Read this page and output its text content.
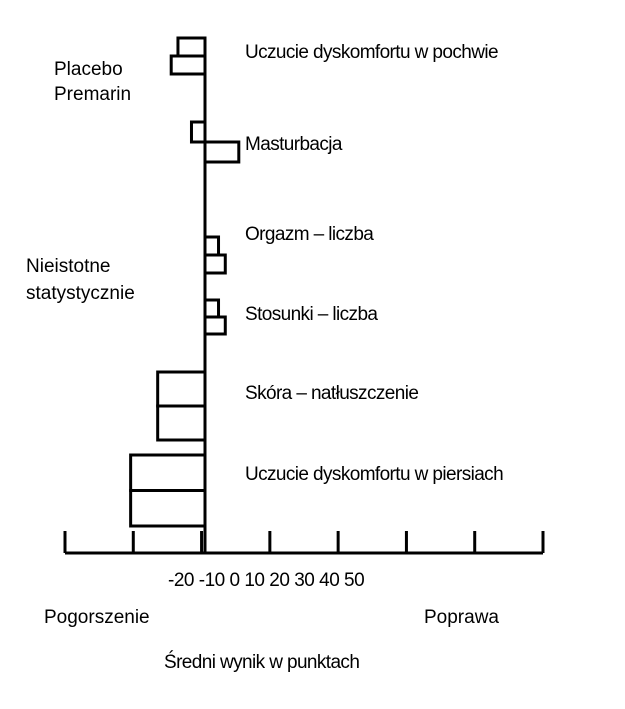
Uczucie dyskomfortu w pochwie
Masturbacja
Orgazm – liczba
Stosunki – liczba
Skóra – natłuszczenie
Uczucie dyskomfortu w piersiach
-20 -10 0 10 20 30 40 50
Placebo
Premarin
Nieistotne statystycznie
Pogorszenie	Poprawa
Średni wynik w punktach
